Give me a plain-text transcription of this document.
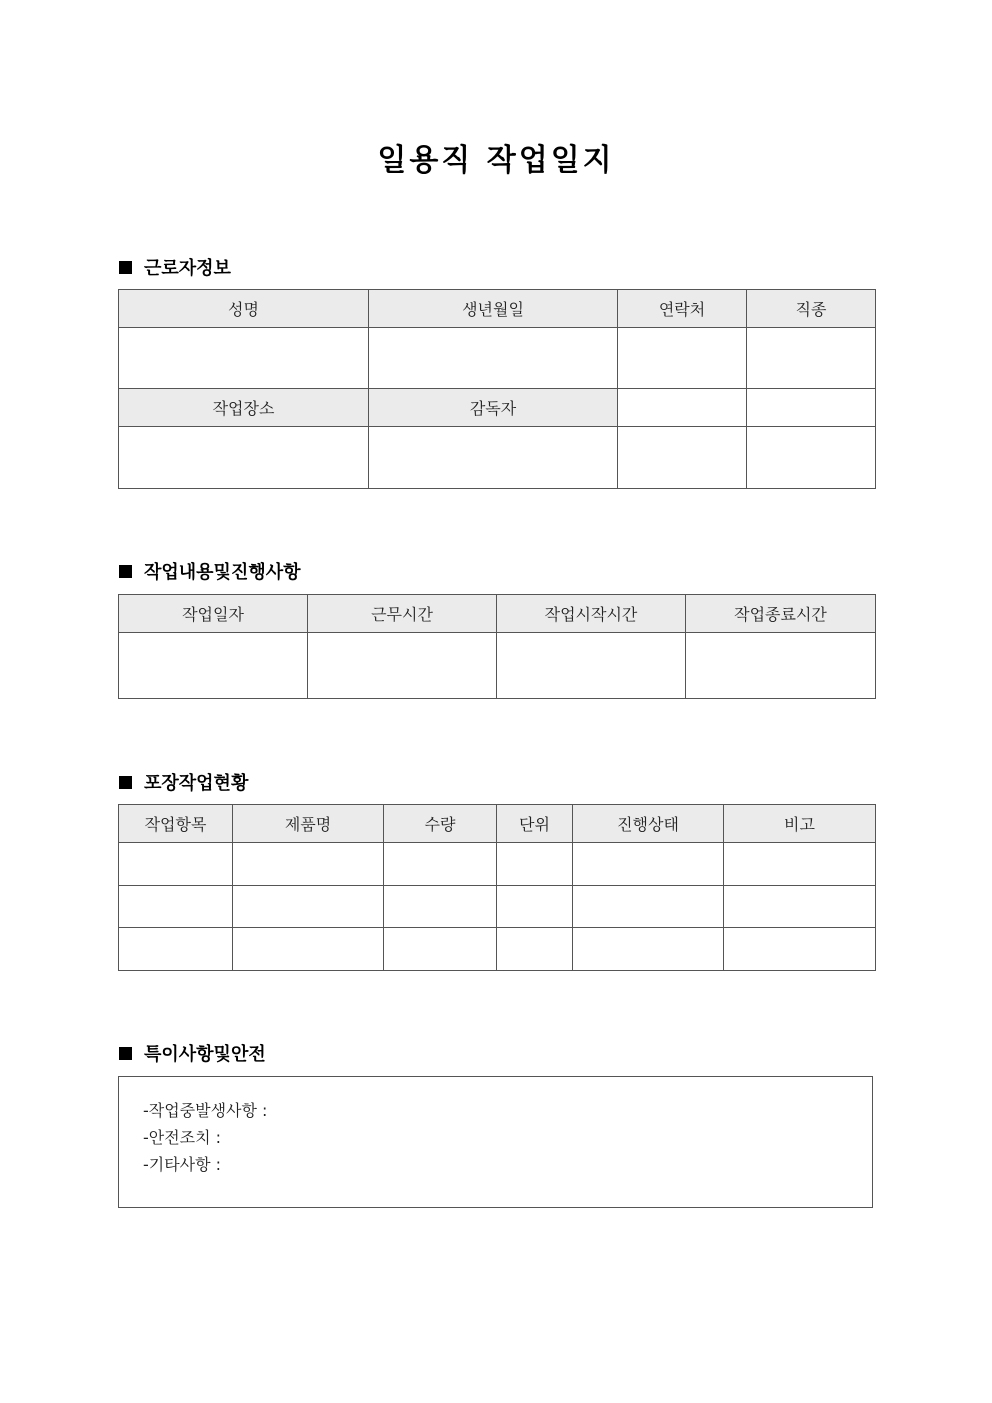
일용직 작업일지
근로자정보
성명	생년월일	연락처	직종

작업장소	감독자		

작업내용및진행사항
작업일자	근무시간	작업시작시간	작업종료시간

포장작업현황
작업항목	제품명	수량	단위	진행상태	비고

특이사항및안전
-작업중발생사항 :
-안전조치 :
-기타사항 :
